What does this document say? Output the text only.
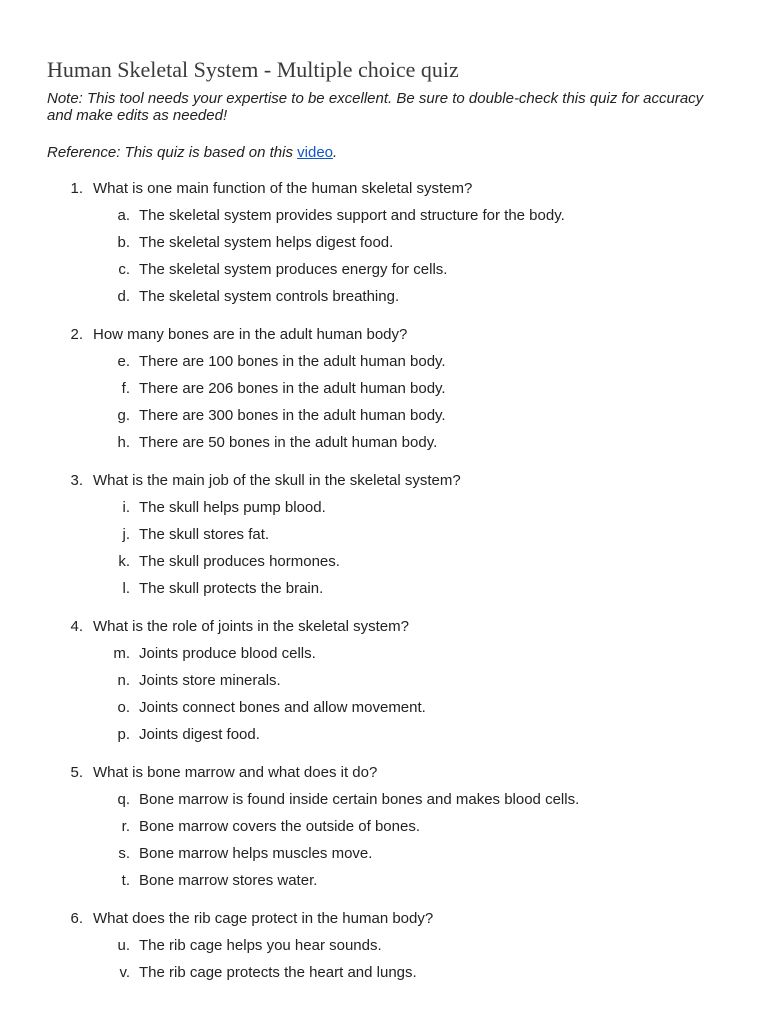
Human Skeletal System - Multiple choice quiz
Note: This tool needs your expertise to be excellent. Be sure to double-check this quiz for accuracy and make edits as needed!
Reference: This quiz is based on this video.
1. What is one main function of the human skeletal system?
a. The skeletal system provides support and structure for the body.
b. The skeletal system helps digest food.
c. The skeletal system produces energy for cells.
d. The skeletal system controls breathing.
2. How many bones are in the adult human body?
e. There are 100 bones in the adult human body.
f. There are 206 bones in the adult human body.
g. There are 300 bones in the adult human body.
h. There are 50 bones in the adult human body.
3. What is the main job of the skull in the skeletal system?
i. The skull helps pump blood.
j. The skull stores fat.
k. The skull produces hormones.
l. The skull protects the brain.
4. What is the role of joints in the skeletal system?
m. Joints produce blood cells.
n. Joints store minerals.
o. Joints connect bones and allow movement.
p. Joints digest food.
5. What is bone marrow and what does it do?
q. Bone marrow is found inside certain bones and makes blood cells.
r. Bone marrow covers the outside of bones.
s. Bone marrow helps muscles move.
t. Bone marrow stores water.
6. What does the rib cage protect in the human body?
u. The rib cage helps you hear sounds.
v. The rib cage protects the heart and lungs.
